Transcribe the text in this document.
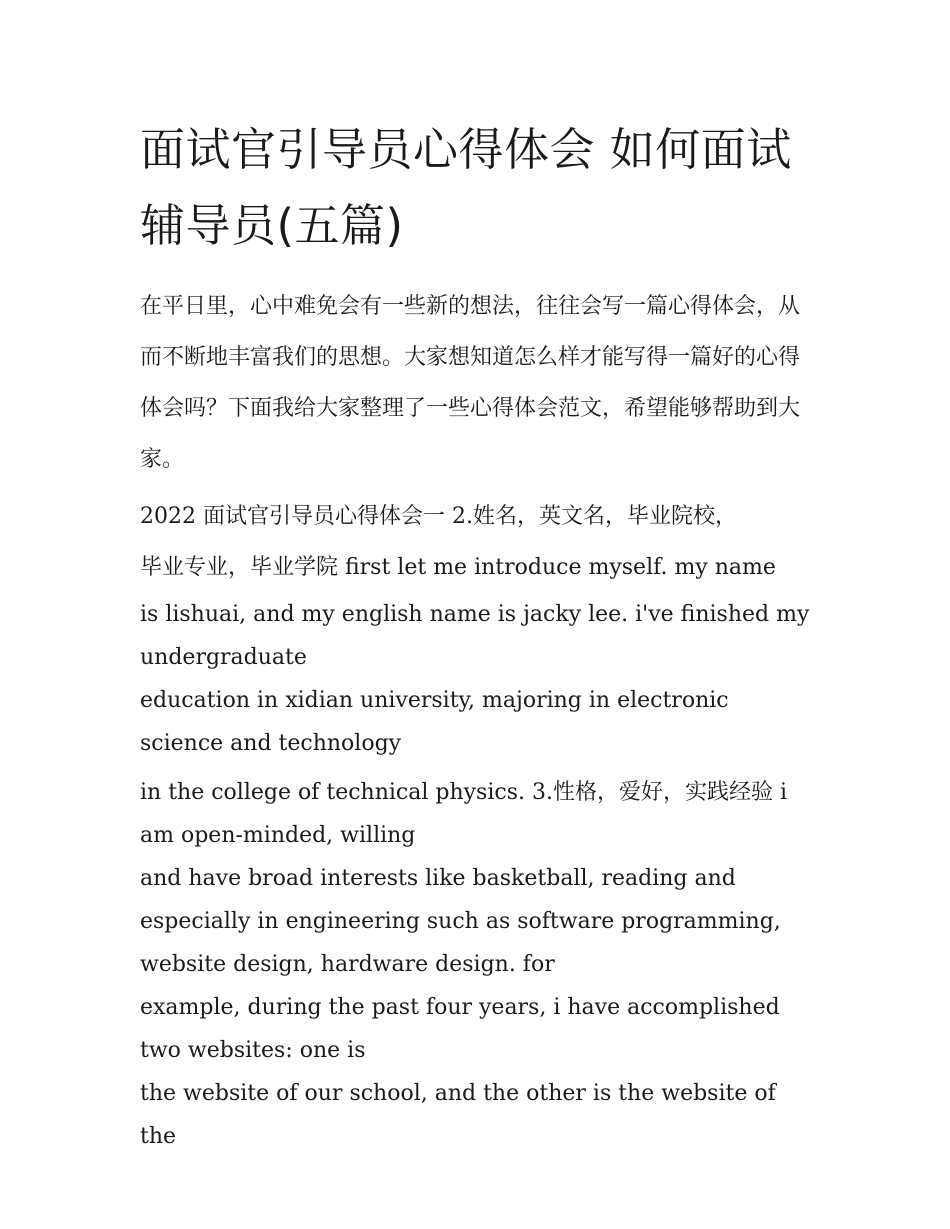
面试官引导员心得体会 如何面试辅导员(五篇)

在平日里，心中难免会有一些新的想法，往往会写一篇心得体会，从而不断地丰富我们的思想。大家想知道怎么样才能写得一篇好的心得体会吗？下面我给大家整理了一些心得体会范文，希望能够帮助到大家。

2022 面试官引导员心得体会一 2.姓名，英文名，毕业院校，

毕业专业，毕业学院 first let me introduce myself. my name

is lishuai, and my english name is jacky lee. i've finished my undergraduate

education in xidian university, majoring in electronic science and technology

in the college of technical physics. 3.性格，爱好，实践经验 i am open-minded, willing

and have broad interests like basketball, reading and especially in engineering such as software programming, website design, hardware design. for

example, during the past four years, i have accomplished two websites: one is

the website of our school, and the other is the website of the
